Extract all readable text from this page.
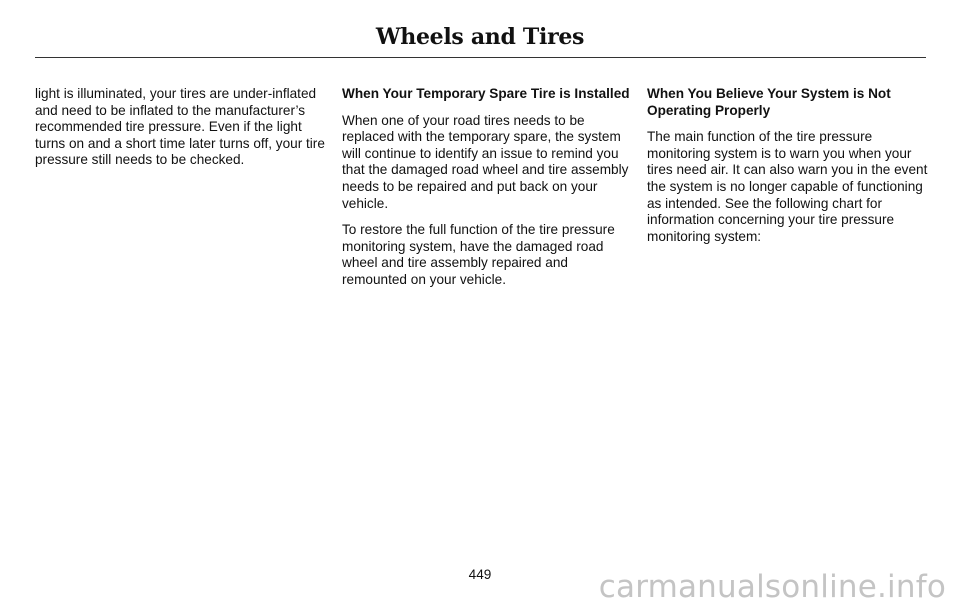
Wheels and Tires

light is illuminated, your tires are under-inflated and need to be inflated to the manufacturer’s recommended tire pressure. Even if the light turns on and a short time later turns off, your tire pressure still needs to be checked.

When Your Temporary Spare Tire is Installed

When one of your road tires needs to be replaced with the temporary spare, the system will continue to identify an issue to remind you that the damaged road wheel and tire assembly needs to be repaired and put back on your vehicle.

To restore the full function of the tire pressure monitoring system, have the damaged road wheel and tire assembly repaired and remounted on your vehicle.

When You Believe Your System is Not Operating Properly

The main function of the tire pressure monitoring system is to warn you when your tires need air. It can also warn you in the event the system is no longer capable of functioning as intended. See the following chart for information concerning your tire pressure monitoring system:

449	carmanualsonline.info
